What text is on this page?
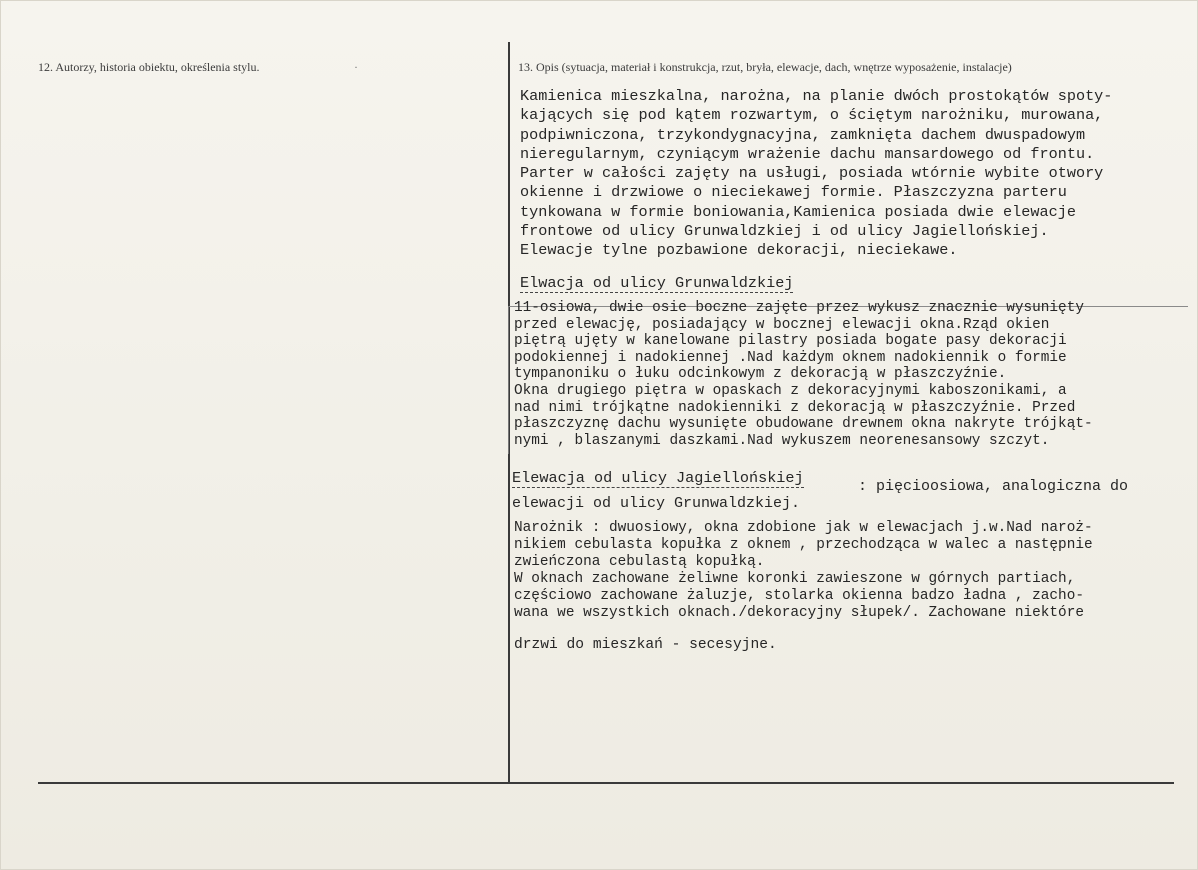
12. Autorzy, historia obiektu, określenia stylu.	·	13. Opis (sytuacja, materiał i konstrukcja, rzut, bryła, elewacje, dach, wnętrze wyposażenie, instalacje)
Kamienica mieszkalna, narożna, na planie dwóch prostokątów spoty-
kających się pod kątem rozwartym, o ściętym narożniku, murowana,
podpiwniczona, trzykondygnacyjna, zamknięta dachem dwuspadowym
nieregularnym, czyniącym wrażenie dachu mansardowego od frontu.
Parter w całości zajęty na usługi, posiada wtórnie wybite otwory
okienne i drzwiowe o nieciekawej formie. Płaszczyzna parteru
tynkowana w formie boniowania,Kamienica posiada dwie elewacje
frontowe od ulicy Grunwaldzkiej i od ulicy Jagiellońskiej.
Elewacje tylne pozbawione dekoracji, nieciekawe.
Elwacja od ulicy Grunwaldzkiej
11-osiowa, dwie osie boczne zajęte przez wykusz znacznie wysunięty
przed elewację, posiadający w bocznej elewacji okna.Rząd okien
piętrą ujęty w kanelowane pilastry posiada bogate pasy dekoracji
podokiennej i nadokiennej .Nad każdym oknem nadokiennik o formie
tympanoniku o łuku odcinkowym z dekoracją w płaszczyźnie.
Okna drugiego piętra w opaskach z dekoracyjnymi kaboszonikami, a
nad nimi trójkątne nadokienniki z dekoracją w płaszczyźnie. Przed
płaszczyznę dachu wysunięte obudowane drewnem okna nakryte trójkąt-
nymi , blaszanymi daszkami.Nad wykuszem neorenesansowy szczyt.
Elewacja od ulicy Jagiellońskiej	: pięcioosiowa, analogiczna do
elewacji od ulicy Grunwaldzkiej.
Narożnik : dwuosiowy, okna zdobione jak w elewacjach j.w.Nad naroż-
nikiem cebulasta kopułka z oknem , przechodząca w walec a następnie
zwieńczona cebulastą kopułką.
W oknach zachowane żeliwne koronki zawieszone w górnych partiach,
częściowo zachowane żaluzje, stolarka okienna badzo ładna , zacho-
wana we wszystkich oknach./dekoracyjny słupek/. Zachowane niektóre
drzwi do mieszkań - secesyjne.
